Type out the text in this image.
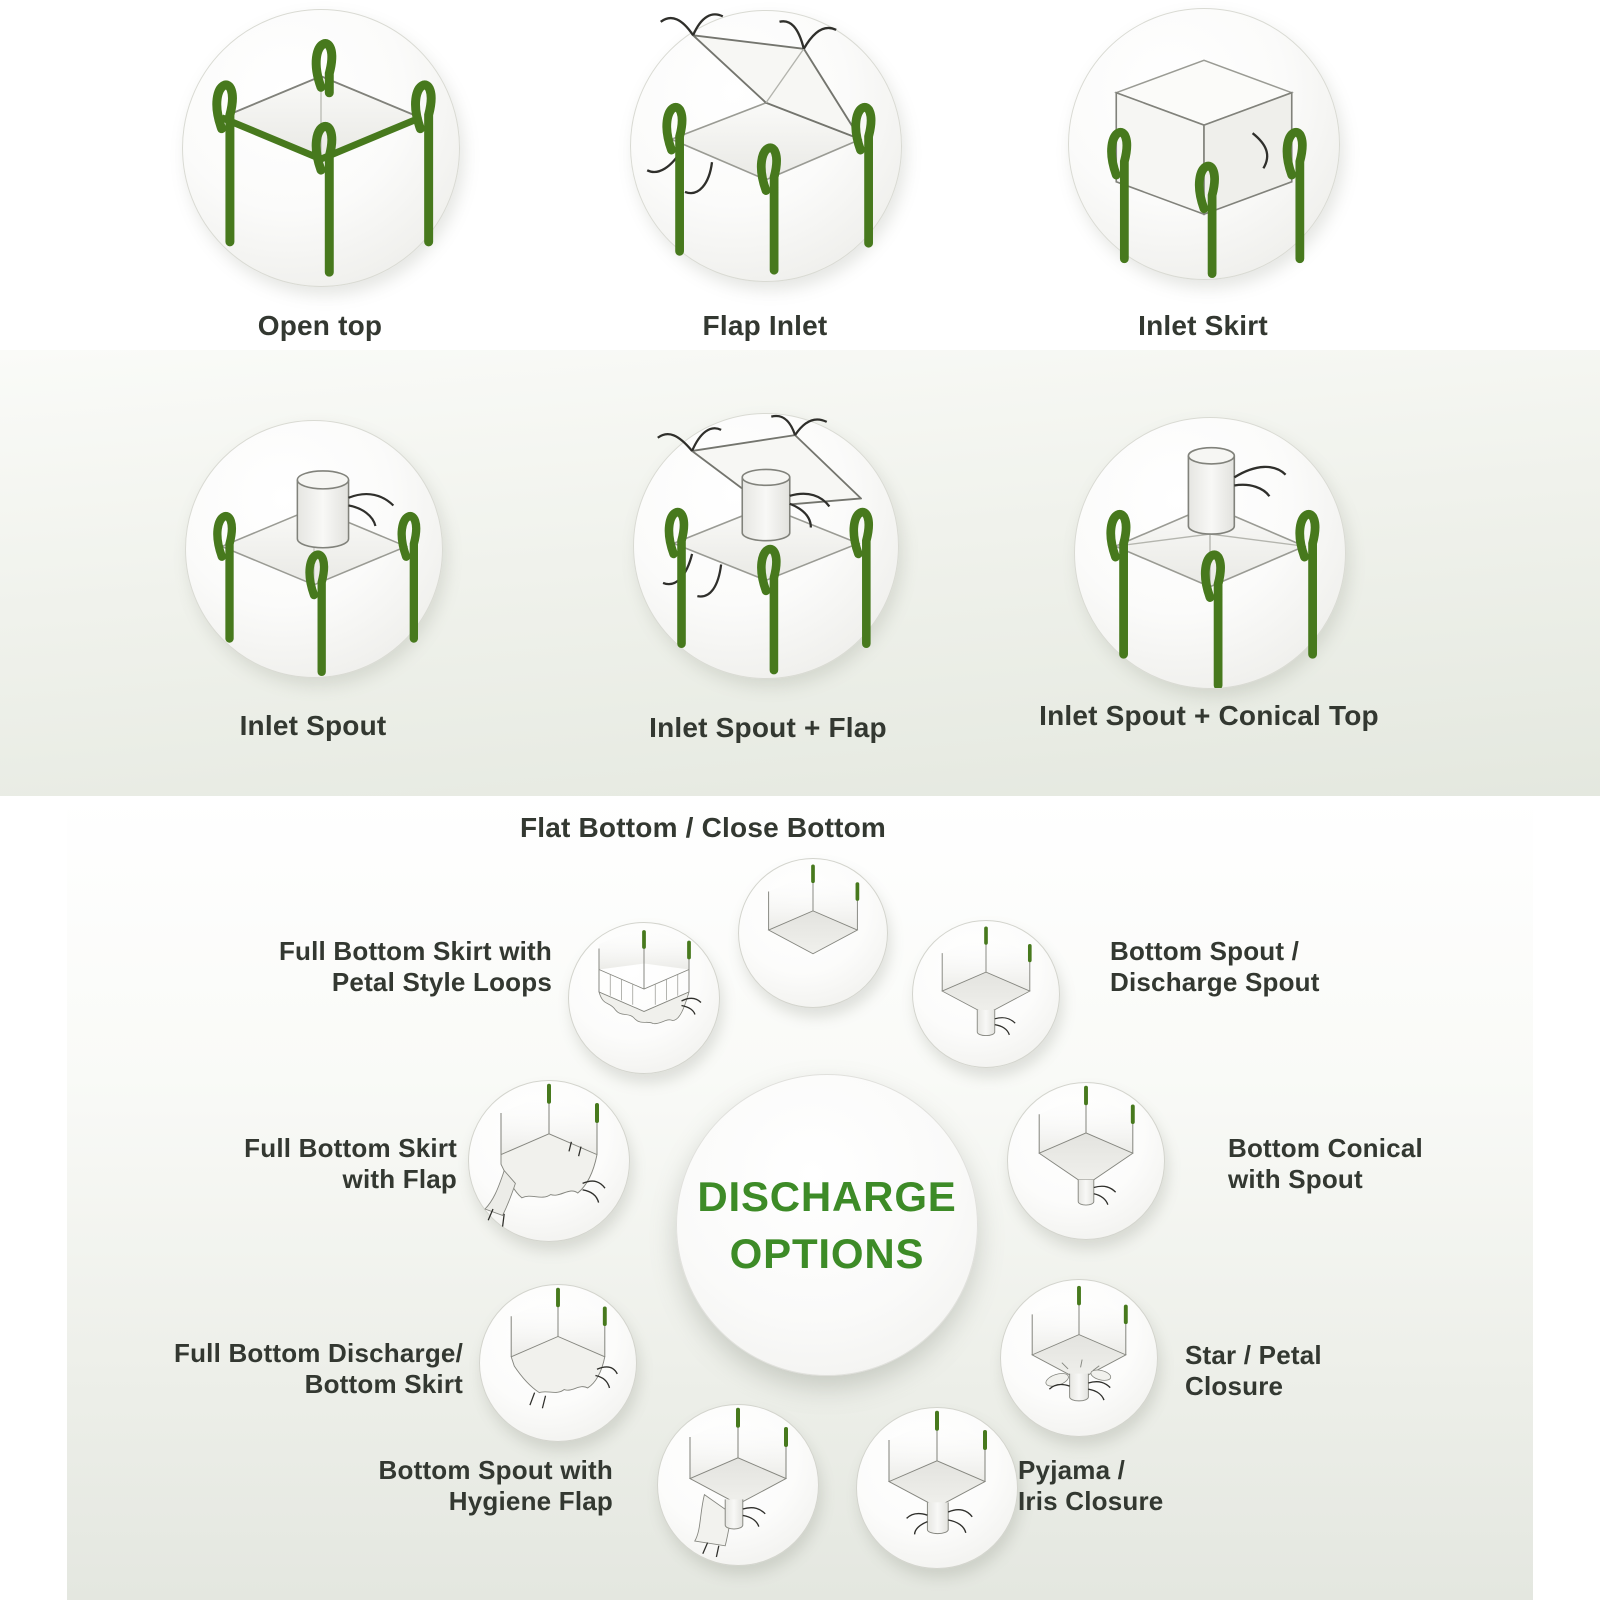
Open top	Flap Inlet	Inlet Skirt
Inlet Spout	Inlet Spout + Flap	Inlet Spout + Conical Top
Flat Bottom / Close Bottom
DISCHARGE
OPTIONS
Full Bottom Skirt with
Petal Style Loops
Bottom Spout /
Discharge Spout
Full Bottom Skirt
with Flap
Bottom Conical
with Spout
Full Bottom Discharge/
Bottom Skirt
Star / Petal
Closure
Bottom Spout with
Hygiene Flap
Pyjama /
Iris Closure
